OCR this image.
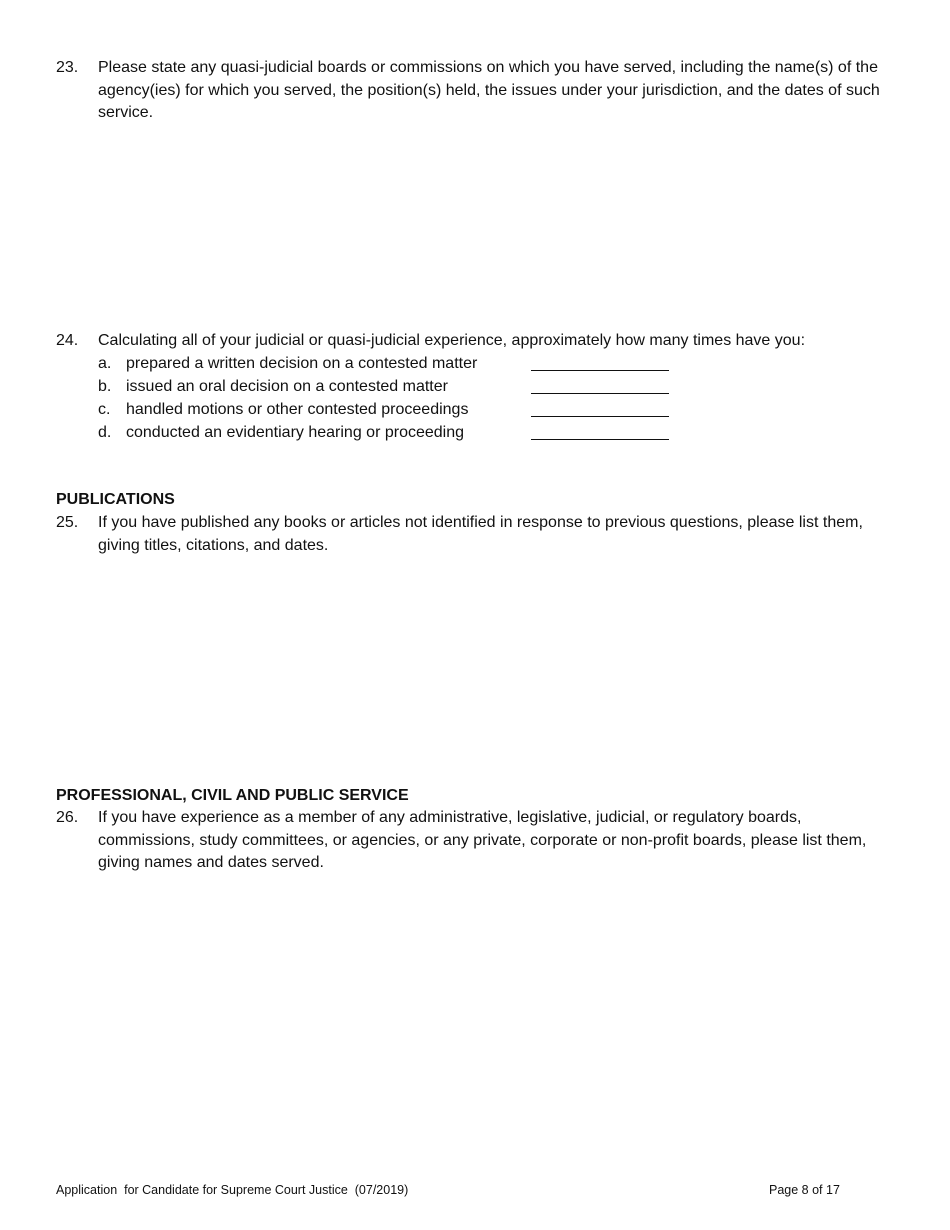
23.	Please state any quasi-judicial boards or commissions on which you have served, including the name(s) of the agency(ies) for which you served, the position(s) held, the issues under your jurisdiction, and the dates of such service.
24.	Calculating all of your judicial or quasi-judicial experience, approximately how many times have you:
a. prepared a written decision on a contested matter
b. issued an oral decision on a contested matter
c. handled motions or other contested proceedings
d. conducted an evidentiary hearing or proceeding
PUBLICATIONS
25.	If you have published any books or articles not identified in response to previous questions, please list them, giving titles, citations, and dates.
PROFESSIONAL, CIVIL AND PUBLIC SERVICE
26.	If you have experience as a member of any administrative, legislative, judicial, or regulatory boards, commissions, study committees, or agencies, or any private, corporate or non-profit boards, please list them, giving names and dates served.
Application  for Candidate for Supreme Court Justice  (07/2019)	Page 8 of 17
